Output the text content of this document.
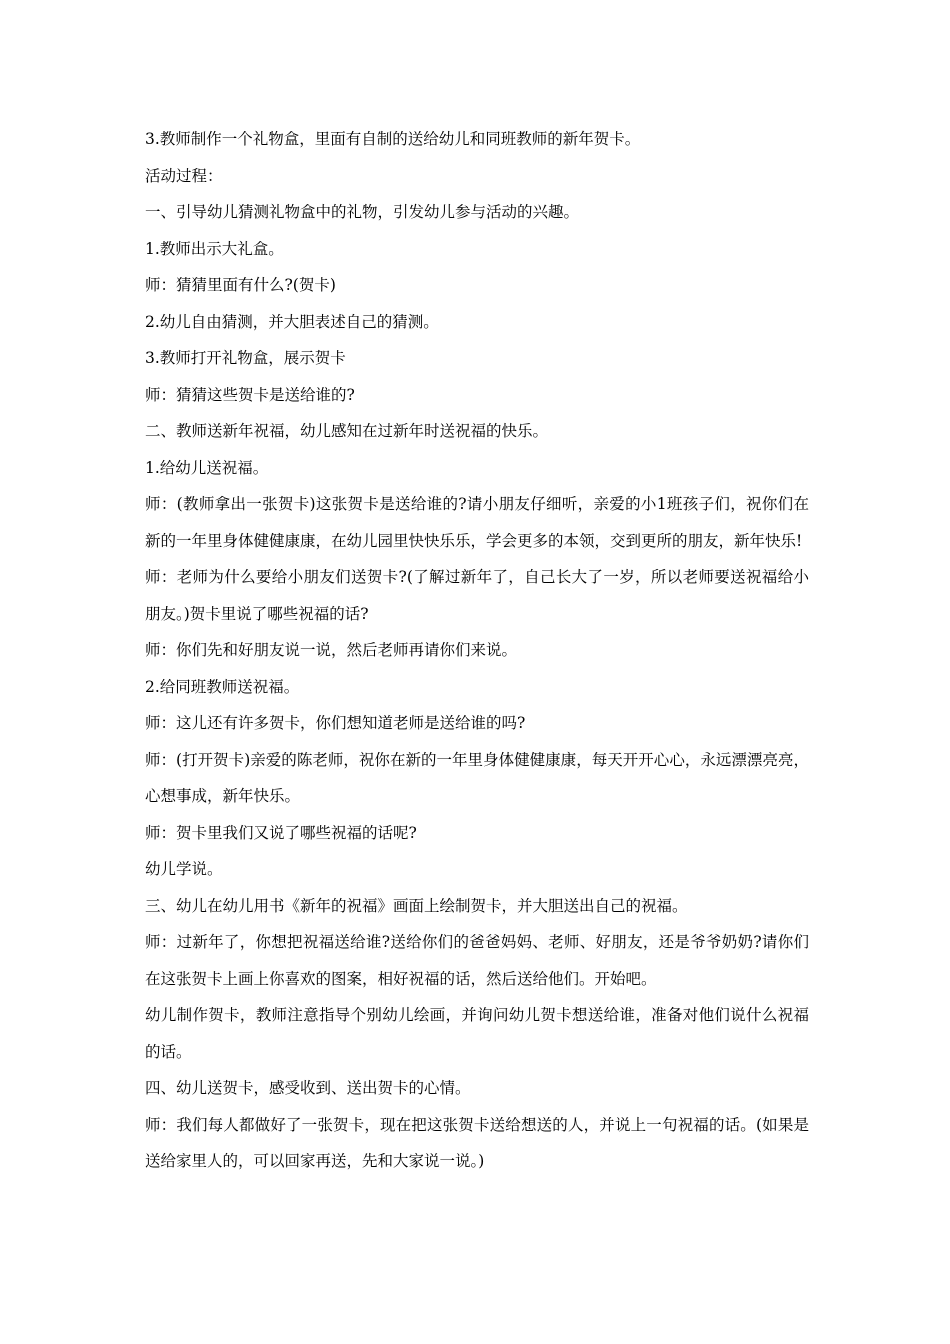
3.教师制作一个礼物盒，里面有自制的送给幼儿和同班教师的新年贺卡。

活动过程：

一、引导幼儿猜测礼物盒中的礼物，引发幼儿参与活动的兴趣。

1.教师出示大礼盒。

师：猜猜里面有什么?(贺卡)

2.幼儿自由猜测，并大胆表述自己的猜测。

3.教师打开礼物盒，展示贺卡

师：猜猜这些贺卡是送给谁的?

二、教师送新年祝福，幼儿感知在过新年时送祝福的快乐。

1.给幼儿送祝福。

师：(教师拿出一张贺卡)这张贺卡是送给谁的?请小朋友仔细听，亲爱的小1班孩子们，祝你们在新的一年里身体健健康康，在幼儿园里快快乐乐，学会更多的本领，交到更所的朋友，新年快乐!

师：老师为什么要给小朋友们送贺卡?(了解过新年了，自己长大了一岁，所以老师要送祝福给小朋友。)贺卡里说了哪些祝福的话?

师：你们先和好朋友说一说，然后老师再请你们来说。

2.给同班教师送祝福。

师：这儿还有许多贺卡，你们想知道老师是送给谁的吗?

师：(打开贺卡)亲爱的陈老师，祝你在新的一年里身体健健康康，每天开开心心，永远漂漂亮亮，心想事成，新年快乐。

师：贺卡里我们又说了哪些祝福的话呢?

幼儿学说。

三、幼儿在幼儿用书《新年的祝福》画面上绘制贺卡，并大胆送出自己的祝福。

师：过新年了，你想把祝福送给谁?送给你们的爸爸妈妈、老师、好朋友，还是爷爷奶奶?请你们在这张贺卡上画上你喜欢的图案，相好祝福的话，然后送给他们。开始吧。

幼儿制作贺卡，教师注意指导个别幼儿绘画，并询问幼儿贺卡想送给谁，准备对他们说什么祝福的话。

四、幼儿送贺卡，感受收到、送出贺卡的心情。

师：我们每人都做好了一张贺卡，现在把这张贺卡送给想送的人，并说上一句祝福的话。(如果是送给家里人的，可以回家再送，先和大家说一说。)
